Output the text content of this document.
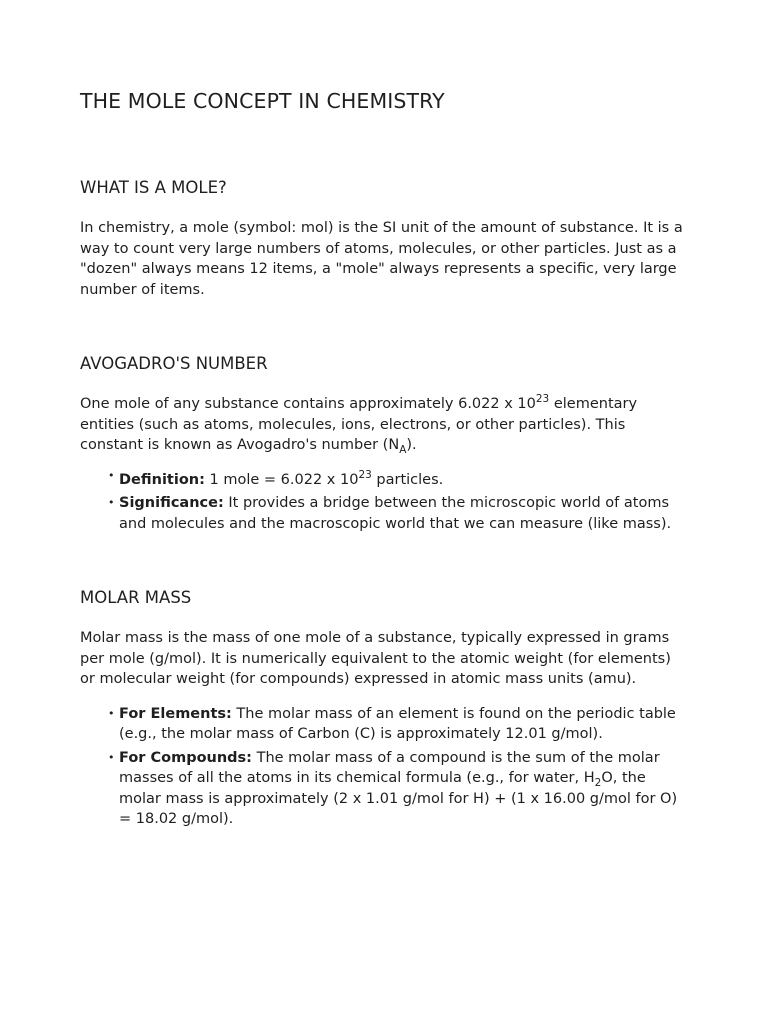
THE MOLE CONCEPT IN CHEMISTRY
WHAT IS A MOLE?

In chemistry, a mole (symbol: mol) is the SI unit of the amount of substance. It is a way to count very large numbers of atoms, molecules, or other particles. Just as a "dozen" always means 12 items, a "mole" always represents a specific, very large number of items.

AVOGADRO'S NUMBER

One mole of any substance contains approximately 6.022 x $10^{23}$ elementary entities (such as atoms, molecules, ions, electrons, or other particles). This constant is known as Avogadro's number $(N_A)$.

• Definition: 1 mole = 6.022 x $10^{23}$ particles.
• Significance: It provides a bridge between the microscopic world of atoms and molecules and the macroscopic world that we can measure (like mass).
MOLAR MASS

Molar mass is the mass of one mole of a substance, typically expressed in grams per mole (g/mol). It is numerically equivalent to the atomic weight (for elements) or molecular weight (for compounds) expressed in atomic mass units (amu).

• For Elements: The molar mass of an element is found on the periodic table (e.g., the molar mass of Carbon (C) is approximately 12.01 g/mol).
• For Compounds: The molar mass of a compound is the sum of the molar masses of all the atoms in its chemical formula (e.g., for water, $H_2O$, the molar mass is approximately (2 x 1.01 g/mol for H) + (1 x 16.00 g/mol for O) = 18.02 g/mol).
